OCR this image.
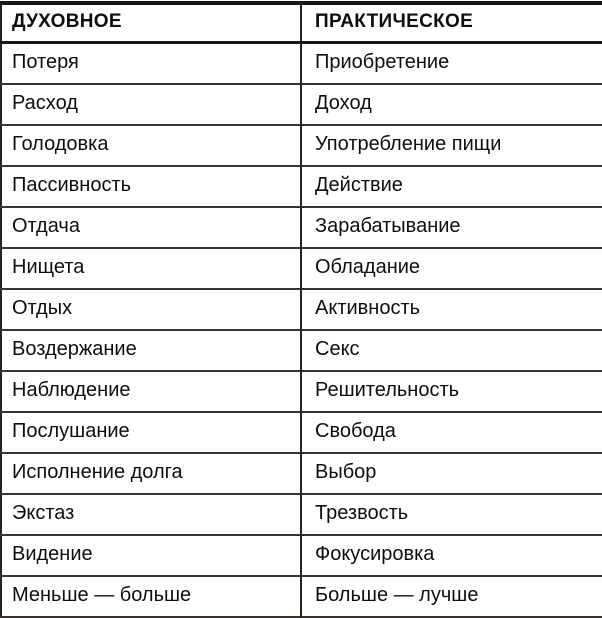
ДУХОВНОЕ	ПРАКТИЧЕСКОЕ
Потеря	Приобретение
Расход	Доход
Голодовка	Употребление пищи
Пассивность	Действие
Отдача	Зарабатывание
Нищета	Обладание
Отдых	Активность
Воздержание	Секс
Наблюдение	Решительность
Послушание	Свобода
Исполнение долга	Выбор
Экстаз	Трезвость
Видение	Фокусировка
Меньше — больше	Больше — лучше
